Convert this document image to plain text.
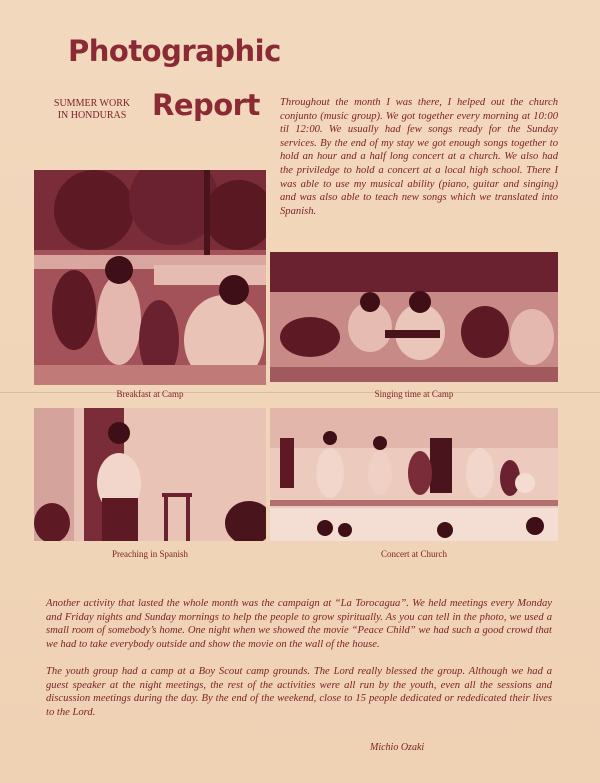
Photographic
SUMMER WORK
IN HONDURAS Report Throughout the month I was there, I helped out the church conjunto (music group). We got together every morning at 10:00 til 12:00. We usually had few songs ready for the Sunday services. By the end of my stay we got enough songs together to hold an hour and a half long concert at a church. We also had the priviledge to hold a concert at a local high school. There I was able to use my musical ability (piano, guitar and singing) and was also able to teach new songs which we translated into Spanish.
Breakfast at Camp	Singing time at Camp
Preaching in Spanish	Concert at Church
Another activity that lasted the whole month was the campaign at “La Torocagua”. We held meetings every Monday and Friday nights and Sunday mornings to help the people to grow spiritually. As you can tell in the photo, we used a small room of somebody’s home. One night when we showed the movie “Peace Child” we had such a good crowd that we had to take everybody outside and show the movie on the wall of the house.
The youth group had a camp at a Boy Scout camp grounds. The Lord really blessed the group. Although we had a guest speaker at the night meetings, the rest of the activities were all run by the youth, even all the sessions and discussion meetings during the day. By the end of the weekend, close to 15 people dedicated or rededicated their lives to the Lord.
Michio Ozaki
